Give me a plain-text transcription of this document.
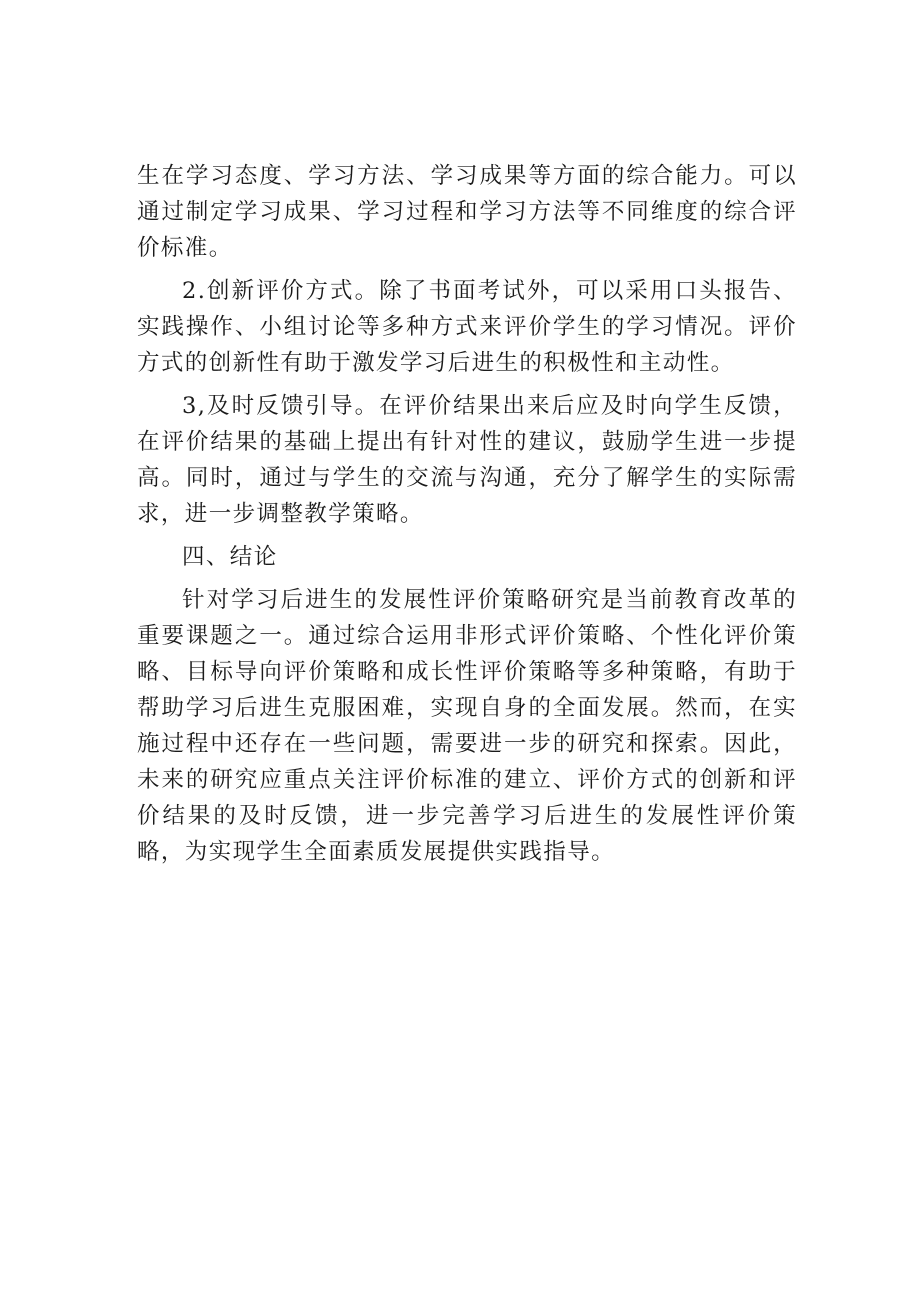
生在学习态度、学习方法、学习成果等方面的综合能力。可以通过制定学习成果、学习过程和学习方法等不同维度的综合评价标准。

2.创新评价方式。除了书面考试外，可以采用口头报告、实践操作、小组讨论等多种方式来评价学生的学习情况。评价方式的创新性有助于激发学习后进生的积极性和主动性。

3,及时反馈引导。在评价结果出来后应及时向学生反馈，在评价结果的基础上提出有针对性的建议，鼓励学生进一步提高。同时，通过与学生的交流与沟通，充分了解学生的实际需求，进一步调整教学策略。

四、结论

针对学习后进生的发展性评价策略研究是当前教育改革的重要课题之一。通过综合运用非形式评价策略、个性化评价策略、目标导向评价策略和成长性评价策略等多种策略，有助于帮助学习后进生克服困难，实现自身的全面发展。然而，在实施过程中还存在一些问题，需要进一步的研究和探索。因此，未来的研究应重点关注评价标准的建立、评价方式的创新和评价结果的及时反馈，进一步完善学习后进生的发展性评价策略，为实现学生全面素质发展提供实践指导。
